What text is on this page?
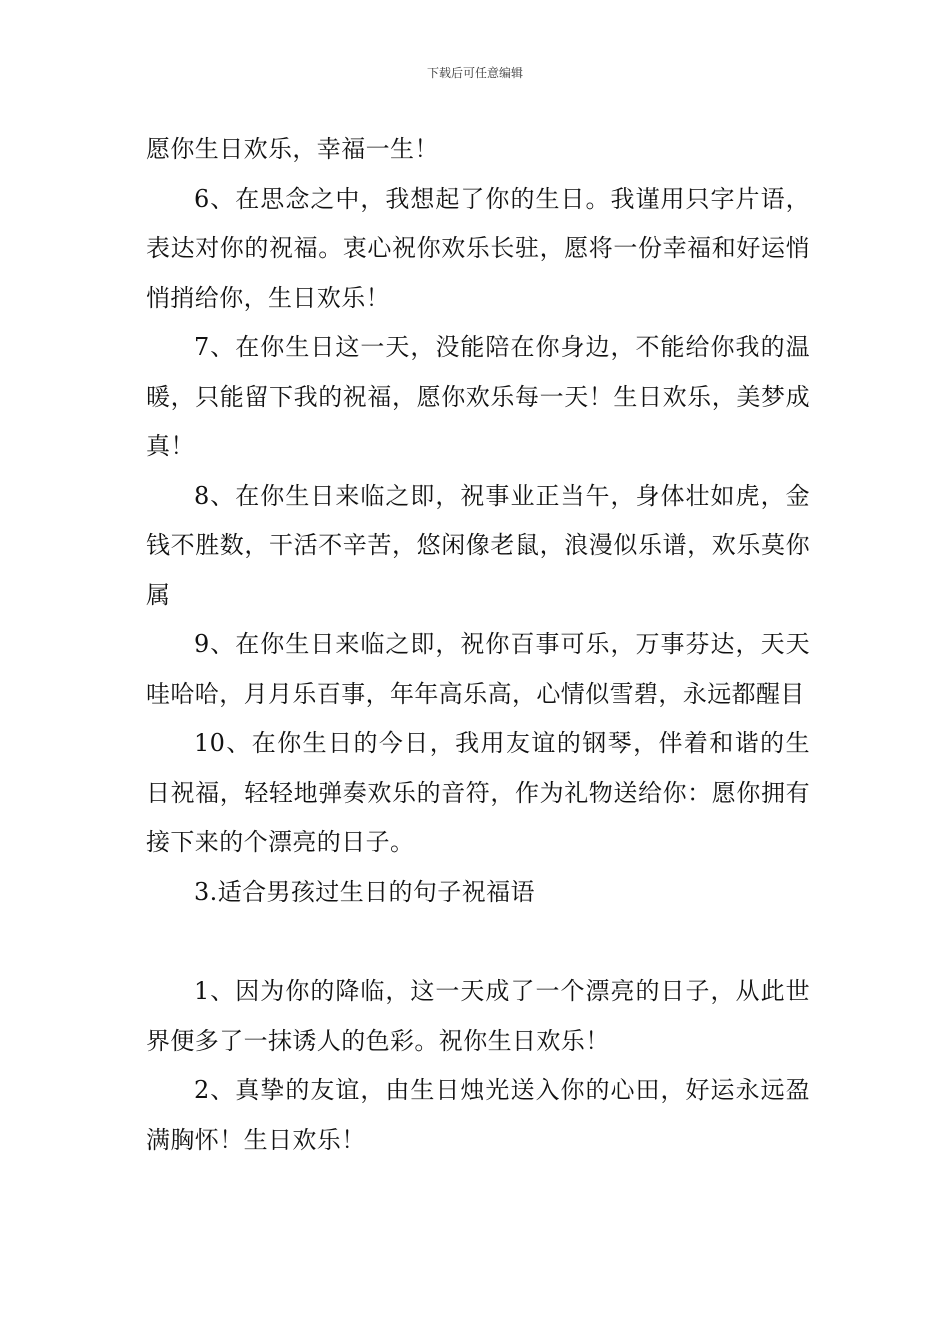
下载后可任意编辑

愿你生日欢乐，幸福一生！

6、在思念之中，我想起了你的生日。我谨用只字片语，表达对你的祝福。衷心祝你欢乐长驻，愿将一份幸福和好运悄悄捎给你，生日欢乐！

7、在你生日这一天，没能陪在你身边，不能给你我的温暖，只能留下我的祝福，愿你欢乐每一天！生日欢乐，美梦成真！

8、在你生日来临之即，祝事业正当午，身体壮如虎，金钱不胜数，干活不辛苦，悠闲像老鼠，浪漫似乐谱，欢乐莫你属

9、在你生日来临之即，祝你百事可乐，万事芬达，天天哇哈哈，月月乐百事，年年高乐高，心情似雪碧，永远都醒目

10、在你生日的今日，我用友谊的钢琴，伴着和谐的生日祝福，轻轻地弹奏欢乐的音符，作为礼物送给你：愿你拥有接下来的个漂亮的日子。

3.适合男孩过生日的句子祝福语

1、因为你的降临，这一天成了一个漂亮的日子，从此世界便多了一抹诱人的色彩。祝你生日欢乐！

2、真挚的友谊，由生日烛光送入你的心田，好运永远盈满胸怀！生日欢乐！
